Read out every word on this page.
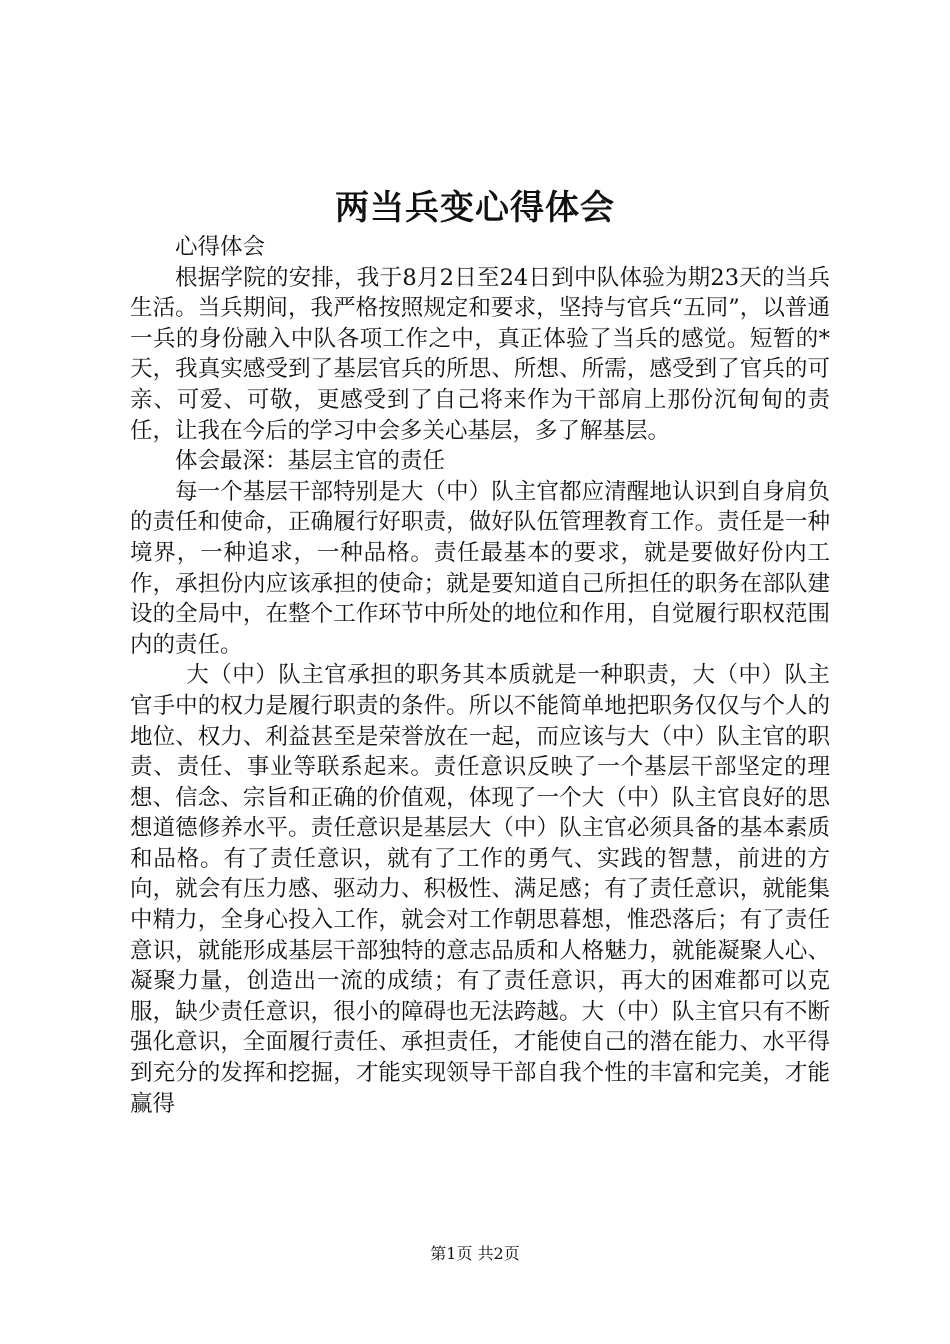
两当兵变心得体会

心得体会

根据学院的安排，我于8月2日至24日到中队体验为期23天的当兵生活。当兵期间，我严格按照规定和要求，坚持与官兵“五同”，以普通一兵的身份融入中队各项工作之中，真正体验了当兵的感觉。短暂的*天，我真实感受到了基层官兵的所思、所想、所需，感受到了官兵的可亲、可爱、可敬，更感受到了自己将来作为干部肩上那份沉甸甸的责任，让我在今后的学习中会多关心基层，多了解基层。

体会最深：基层主官的责任

每一个基层干部特别是大（中）队主官都应清醒地认识到自身肩负的责任和使命，正确履行好职责，做好队伍管理教育工作。责任是一种境界，一种追求，一种品格。责任最基本的要求，就是要做好份内工作，承担份内应该承担的使命；就是要知道自己所担任的职务在部队建设的全局中，在整个工作环节中所处的地位和作用，自觉履行职权范围内的责任。

大（中）队主官承担的职务其本质就是一种职责，大（中）队主官手中的权力是履行职责的条件。所以不能简单地把职务仅仅与个人的地位、权力、利益甚至是荣誉放在一起，而应该与大（中）队主官的职责、责任、事业等联系起来。责任意识反映了一个基层干部坚定的理想、信念、宗旨和正确的价值观，体现了一个大（中）队主官良好的思想道德修养水平。责任意识是基层大（中）队主官必须具备的基本素质和品格。有了责任意识，就有了工作的勇气、实践的智慧，前进的方向，就会有压力感、驱动力、积极性、满足感；有了责任意识，就能集中精力，全身心投入工作，就会对工作朝思暮想，惟恐落后；有了责任意识，就能形成基层干部独特的意志品质和人格魅力，就能凝聚人心、凝聚力量，创造出一流的成绩；有了责任意识，再大的困难都可以克服，缺少责任意识，很小的障碍也无法跨越。大（中）队主官只有不断强化意识，全面履行责任、承担责任，才能使自己的潜在能力、水平得到充分的发挥和挖掘，才能实现领导干部自我个性的丰富和完美，才能赢得

第1页 共2页
